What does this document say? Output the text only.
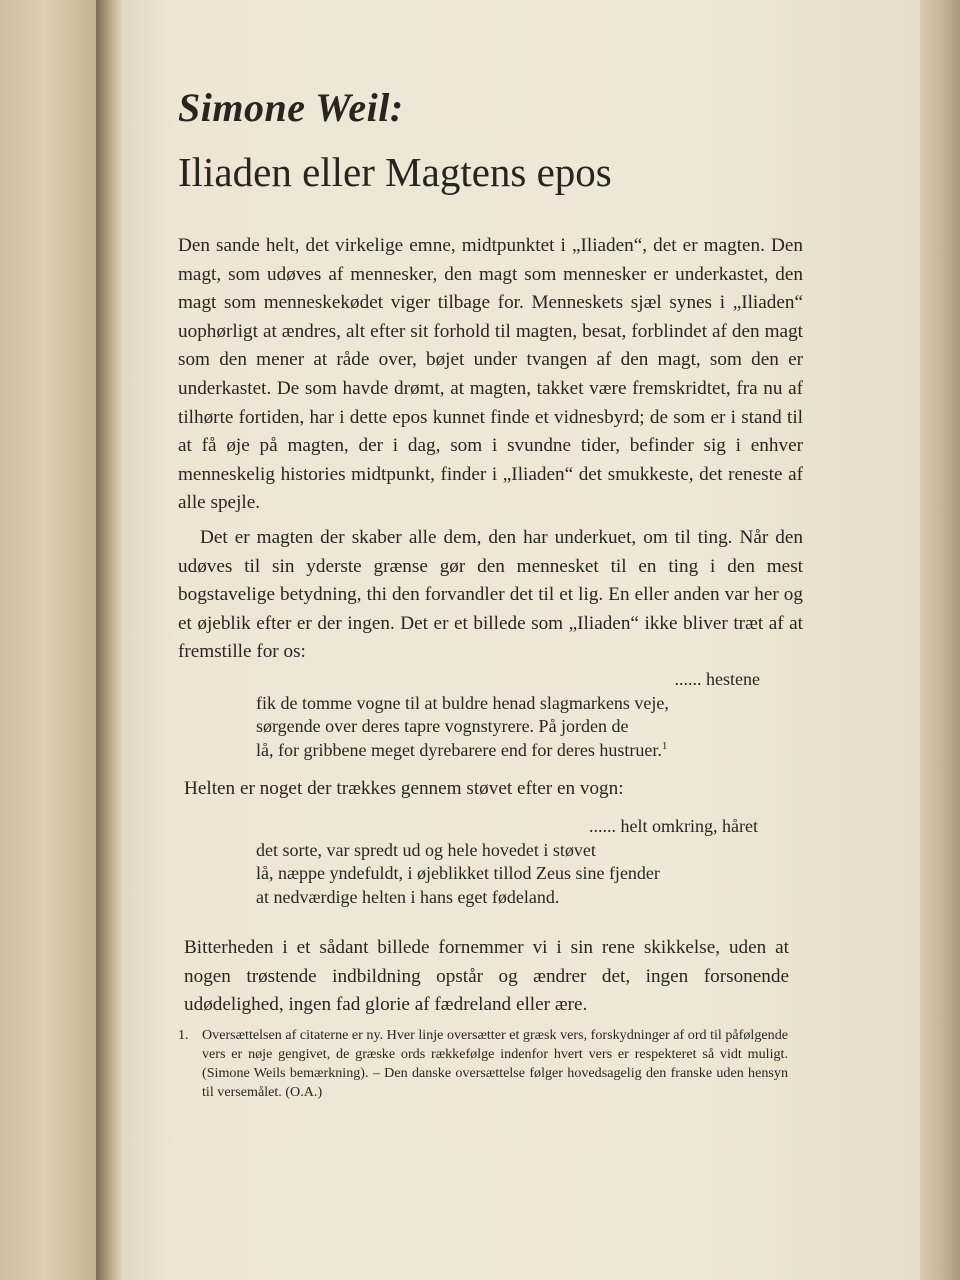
Simone Weil:
Iliaden eller Magtens epos

Den sande helt, det virkelige emne, midtpunktet i „Iliaden“, det er magten. Den magt, som udøves af mennesker, den magt som mennesker er underkastet, den magt som menneskekødet viger tilbage for. Menneskets sjæl synes i „Iliaden“ uophørligt at ændres, alt efter sit forhold til magten, besat, forblindet af den magt som den mener at råde over, bøjet under tvangen af den magt, som den er underkastet. De som havde drømt, at magten, takket være fremskridtet, fra nu af tilhørte fortiden, har i dette epos kunnet finde et vidnesbyrd; de som er i stand til at få øje på magten, der i dag, som i svundne tider, befinder sig i enhver menneskelig histories midtpunkt, finder i „Iliaden“ det smukkeste, det reneste af alle spejle.

Det er magten der skaber alle dem, den har underkuet, om til ting. Når den udøves til sin yderste grænse gør den mennesket til en ting i den mest bogstavelige betydning, thi den forvandler det til et lig. En eller anden var her og et øjeblik efter er der ingen. Det er et billede som „Iliaden“ ikke bliver træt af at fremstille for os:

...... hestene
fik de tomme vogne til at buldre henad slagmarkens veje,
sørgende over deres tapre vognstyrere. På jorden de
lå, for gribbene meget dyrebarere end for deres hustruer.$^1$

Helten er noget der trækkes gennem støvet efter en vogn:

...... helt omkring, håret
det sorte, var spredt ud og hele hovedet i støvet
lå, næppe yndefuldt, i øjeblikket tillod Zeus sine fjender
at nedværdige helten i hans eget fødeland.

Bitterheden i et sådant billede fornemmer vi i sin rene skikkelse, uden at nogen trøstende indbildning opstår og ændrer det, ingen forsonende udødelighed, ingen fad glorie af fædreland eller ære.

1. Oversættelsen af citaterne er ny. Hver linje oversætter et græsk vers, forskydninger af ord til påfølgende vers er nøje gengivet, de græske ords rækkefølge indenfor hvert vers er respekteret så vidt muligt. (Simone Weils bemærkning). – Den danske oversættelse følger hovedsagelig den franske uden hensyn til versemålet. (O.A.)
